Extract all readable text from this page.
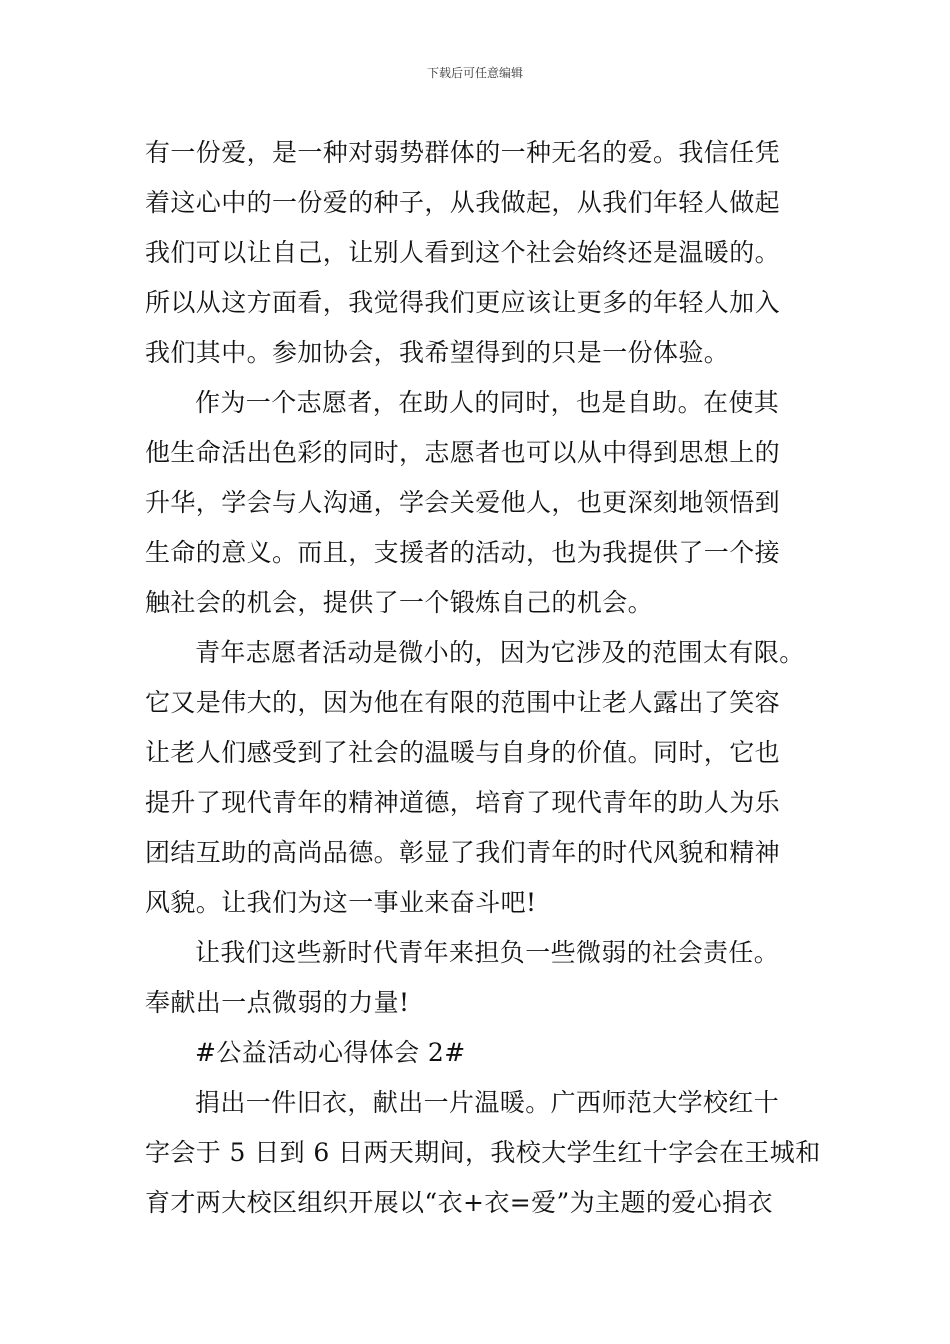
下载后可任意编辑
有一份爱，是一种对弱势群体的一种无名的爱。我信任凭
着这心中的一份爱的种子，从我做起，从我们年轻人做起
我们可以让自己，让别人看到这个社会始终还是温暖的。
所以从这方面看，我觉得我们更应该让更多的年轻人加入
我们其中。参加协会，我希望得到的只是一份体验。
作为一个志愿者，在助人的同时，也是自助。在使其
他生命活出色彩的同时，志愿者也可以从中得到思想上的
升华，学会与人沟通，学会关爱他人，也更深刻地领悟到
生命的意义。而且，支援者的活动，也为我提供了一个接
触社会的机会，提供了一个锻炼自己的机会。
青年志愿者活动是微小的，因为它涉及的范围太有限。
它又是伟大的，因为他在有限的范围中让老人露出了笑容
让老人们感受到了社会的温暖与自身的价值。同时，它也
提升了现代青年的精神道德，培育了现代青年的助人为乐
团结互助的高尚品德。彰显了我们青年的时代风貌和精神
风貌。让我们为这一事业来奋斗吧!
让我们这些新时代青年来担负一些微弱的社会责任。
奉献出一点微弱的力量!
#公益活动心得体会 2#
捐出一件旧衣，献出一片温暖。广西师范大学校红十
字会于 5 日到 6 日两天期间，我校大学生红十字会在王城和
育才两大校区组织开展以“衣+衣=爱”为主题的爱心捐衣
